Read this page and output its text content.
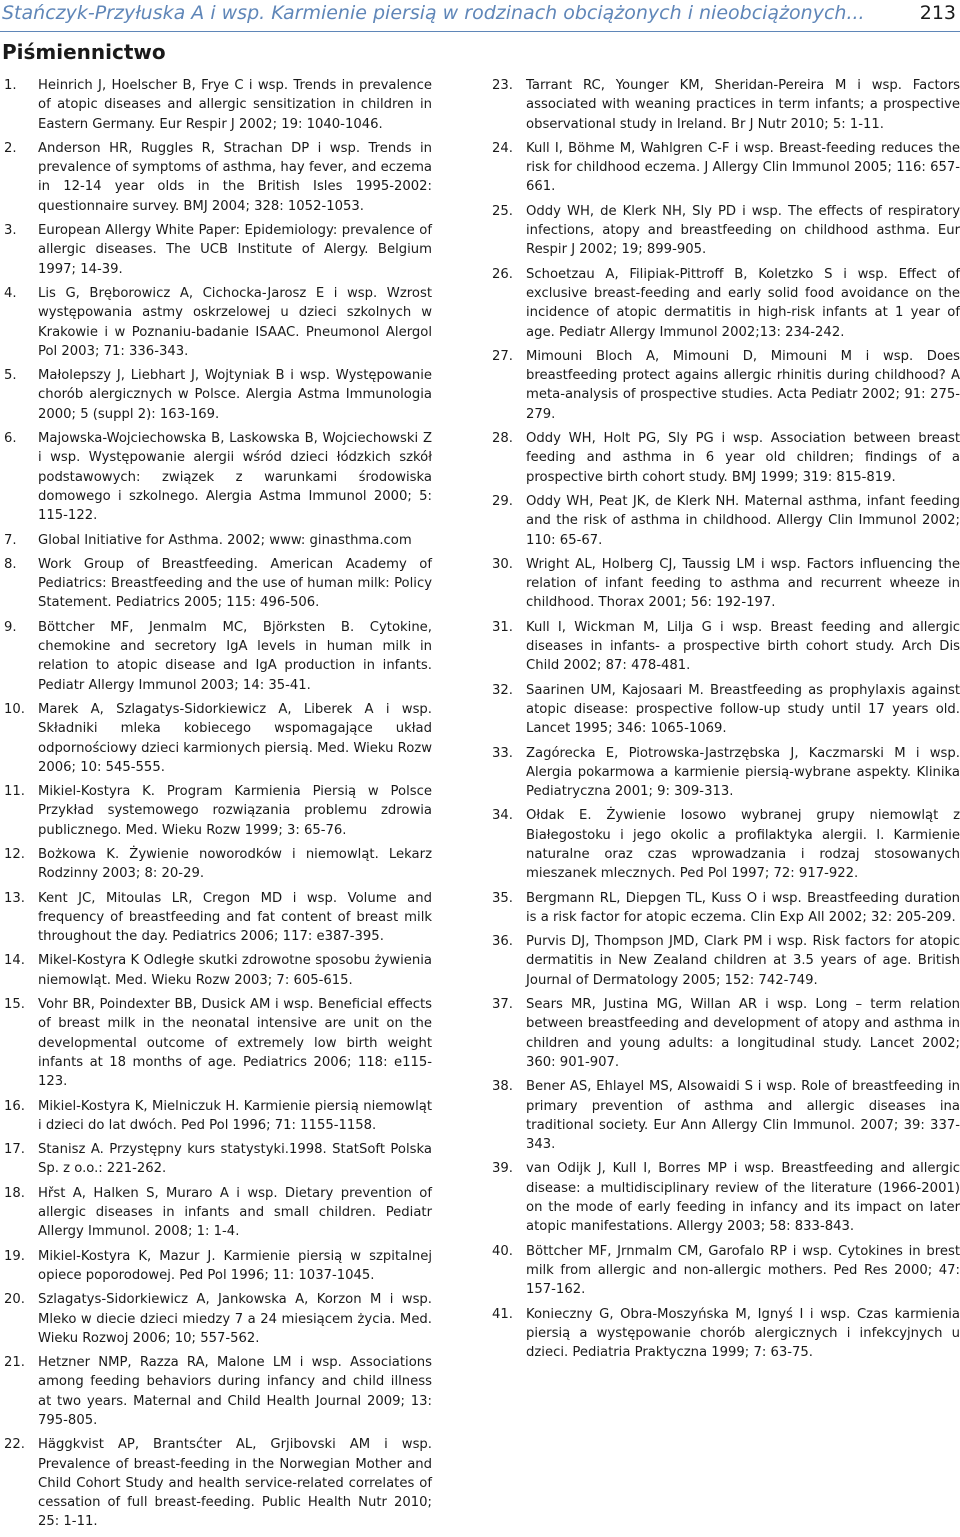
Stańczyk-Przyłuska A i wsp. Karmienie piersią w rodzinach obciążonych i nieobciążonych...	213
Piśmiennictwo
1.	Heinrich J, Hoelscher B, Frye C i wsp. Trends in prevalence of atopic diseases and allergic sensitization in children in Eastern Germany. Eur Respir J 2002; 19: 1040-1046.
2.	Anderson HR, Ruggles R, Strachan DP i wsp. Trends in prevalence of symptoms of asthma, hay fever, and eczema in 12-14 year olds in the British Isles 1995-2002: questionnaire survey. BMJ 2004; 328: 1052-1053.
3.	European Allergy White Paper: Epidemiology: prevalence of allergic diseases. The UCB Institute of Alergy. Belgium 1997; 14-39.
4.	Lis G, Bręborowicz A, Cichocka-Jarosz E i wsp. Wzrost występowania astmy oskrzelowej u dzieci szkolnych w Krakowie i w Poznaniu-badanie ISAAC. Pneumonol Alergol Pol 2003; 71: 336-343.
5.	Małolepszy J, Liebhart J, Wojtyniak B i wsp. Występowanie chorób alergicznych w Polsce. Alergia Astma Immunologia 2000; 5 (suppl 2): 163-169.
6.	Majowska-Wojciechowska B, Laskowska B, Wojciechowski Z i wsp. Występowanie alergii wśród dzieci łódzkich szkół podstawowych: związek z warunkami środowiska domowego i szkolnego. Alergia Astma Immunol 2000; 5: 115-122.
7.	Global Initiative for Asthma. 2002; www: ginasthma.com
8.	Work Group of Breastfeeding. American Academy of Pediatrics: Breastfeeding and the use of human milk: Policy Statement. Pediatrics 2005; 115: 496-506.
9.	Böttcher MF, Jenmalm MC, Björksten B. Cytokine, chemokine and secretory IgA levels in human milk in relation to atopic disease and IgA production in infants. Pediatr Allergy Immunol 2003; 14: 35-41.
10. Marek A, Szlagatys-Sidorkiewicz A, Liberek A i wsp. Składniki mleka kobiecego wspomagające układ odpornościowy dzieci karmionych piersią. Med. Wieku Rozw 2006; 10: 545-555.
11. Mikiel-Kostyra K. Program Karmienia Piersią w Polsce Przykład systemowego rozwiązania problemu zdrowia publicznego. Med. Wieku Rozw 1999; 3: 65-76.
12. Bożkowa K. Żywienie noworodków i niemowląt. Lekarz Rodzinny 2003; 8: 20-29.
13. Kent JC, Mitoulas LR, Cregon MD i wsp. Volume and frequency of breastfeeding and fat content of breast milk throughout the day. Pediatrics 2006; 117: e387-395.
14. Mikel-Kostyra K Odległe skutki zdrowotne sposobu żywienia niemowląt. Med. Wieku Rozw 2003; 7: 605-615.
15. Vohr BR, Poindexter BB, Dusick AM i wsp. Beneficial effects of breast milk in the neonatal intensive are unit on the developmental outcome of extremely low birth weight infants at 18 months of age. Pediatrics 2006; 118: e115-123.
16. Mikiel-Kostyra K, Mielniczuk H. Karmienie piersią niemowląt i dzieci do lat dwóch. Ped Pol 1996; 71: 1155-1158.
17. Stanisz A. Przystępny kurs statystyki.1998. StatSoft Polska Sp. z o.o.: 221-262.
18. Hřst A, Halken S, Muraro A i wsp. Dietary prevention of allergic diseases in infants and small children. Pediatr Allergy Immunol. 2008; 1: 1-4.
19. Mikiel-Kostyra K, Mazur J. Karmienie piersią w szpitalnej opiece poporodowej. Ped Pol 1996; 11: 1037-1045.
20. Szlagatys-Sidorkiewicz A, Jankowska A, Korzon M i wsp. Mleko w diecie dzieci miedzy 7 a 24 miesiącem życia. Med. Wieku Rozwoj 2006; 10; 557-562.
21. Hetzner NMP, Razza RA, Malone LM i wsp. Associations among feeding behaviors during infancy and child illness at two years. Maternal and Child Health Journal 2009; 13: 795-805.
22. Häggkvist AP, Brantsćter AL, Grjibovski AM i wsp. Prevalence of breast-feeding in the Norwegian Mother and Child Cohort Study and health service-related correlates of cessation of full breast-feeding. Public Health Nutr 2010; 25: 1-11.
23. Tarrant RC, Younger KM, Sheridan-Pereira M i wsp. Factors associated with weaning practices in term infants; a prospective observational study in Ireland. Br J Nutr 2010; 5: 1-11.
24. Kull I, Böhme M, Wahlgren C-F i wsp. Breast-feeding reduces the risk for childhood eczema. J Allergy Clin Immunol 2005; 116: 657-661.
25. Oddy WH, de Klerk NH, Sly PD i wsp. The effects of respiratory infections, atopy and breastfeeding on childhood asthma. Eur Respir J 2002; 19; 899-905.
26. Schoetzau A, Filipiak-Pittroff B, Koletzko S i wsp. Effect of exclusive breast-feeding and early solid food avoidance on the incidence of atopic dermatitis in high-risk infants at 1 year of age. Pediatr Allergy Immunol 2002;13: 234-242.
27. Mimouni Bloch A, Mimouni D, Mimouni M i wsp. Does breastfeeding protect agains allergic rhinitis during childhood? A meta-analysis of prospective studies. Acta Pediatr 2002; 91: 275-279.
28. Oddy WH, Holt PG, Sly PG i wsp. Association between breast feeding and asthma in 6 year old children; findings of a prospective birth cohort study. BMJ 1999; 319: 815-819.
29. Oddy WH, Peat JK, de Klerk NH. Maternal asthma, infant feeding and the risk of asthma in childhood. Allergy Clin Immunol 2002; 110: 65-67.
30. Wright AL, Holberg CJ, Taussig LM i wsp. Factors influencing the relation of infant feeding to asthma and recurrent wheeze in childhood. Thorax 2001; 56: 192-197.
31. Kull I, Wickman M, Lilja G i wsp. Breast feeding and allergic diseases in infants- a prospective birth cohort study. Arch Dis Child 2002; 87: 478-481.
32. Saarinen UM, Kajosaari M. Breastfeeding as prophylaxis against atopic disease: prospective follow-up study until 17 years old. Lancet 1995; 346: 1065-1069.
33. Zagórecka E, Piotrowska-Jastrzębska J, Kaczmarski M i wsp. Alergia pokarmowa a karmienie piersią-wybrane aspekty. Klinika Pediatryczna 2001; 9: 309-313.
34. Ołdak E. Żywienie losowo wybranej grupy niemowląt z Białegostoku i jego okolic a profilaktyka alergii. I. Karmienie naturalne oraz czas wprowadzania i rodzaj stosowanych mieszanek mlecznych. Ped Pol 1997; 72: 917-922.
35. Bergmann RL, Diepgen TL, Kuss O i wsp. Breastfeeding duration is a risk factor for atopic eczema. Clin Exp All 2002; 32: 205-209.
36. Purvis DJ, Thompson JMD, Clark PM i wsp. Risk factors for atopic dermatitis in New Zealand children at 3.5 years of age. British Journal of Dermatology 2005; 152: 742-749.
37. Sears MR, Justina MG, Willan AR i wsp. Long – term relation between breastfeeding and development of atopy and asthma in children and young adults: a longitudinal study. Lancet 2002; 360: 901-907.
38. Bener AS, Ehlayel MS, Alsowaidi S i wsp. Role of breastfeeding in primary prevention of asthma and allergic diseases ina traditional society. Eur Ann Allergy Clin Immunol. 2007; 39: 337-343.
39. van Odijk J, Kull I, Borres MP i wsp. Breastfeeding and allergic disease: a multidisciplinary review of the literature (1966-2001) on the mode of early feeding in infancy and its impact on later atopic manifestations. Allergy 2003; 58: 833-843.
40. Böttcher MF, Jrnmalm CM, Garofalo RP i wsp. Cytokines in brest milk from allergic and non-allergic mothers. Ped Res 2000; 47: 157-162.
41. Konieczny G, Obra-Moszyńska M, Ignyś I i wsp. Czas karmienia piersią a występowanie chorób alergicznych i infekcyjnych u dzieci. Pediatria Praktyczna 1999; 7: 63-75.
